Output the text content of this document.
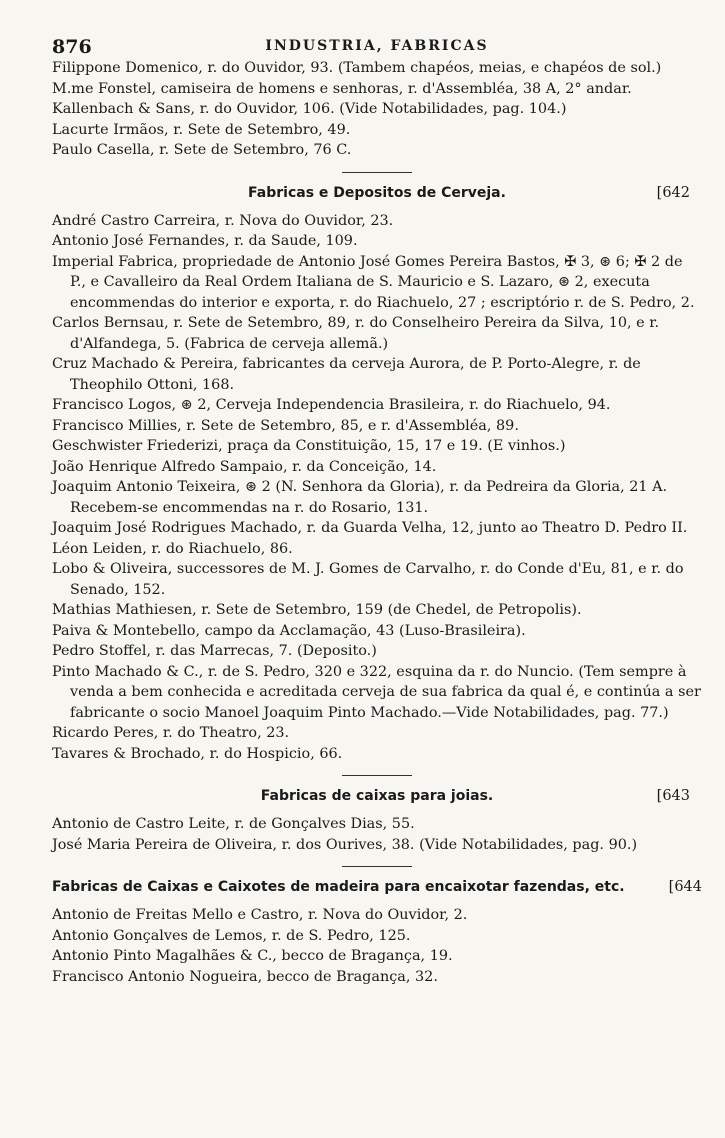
876	INDUSTRIA, FABRICAS
Filippone Domenico, r. do Ouvidor, 93. (Tambem chapéos, meias, e chapéos de sol.)
M.me Fonstel, camiseira de homens e senhoras, r. d'Assembléa, 38 A, 2° andar.
Kallenbach & Sans, r. do Ouvidor, 106. (Vide Notabilidades, pag. 104.)
Lacurte Irmãos, r. Sete de Setembro, 49.
Paulo Casella, r. Sete de Setembro, 76 C.
Fabricas e Depositos de Cerveja.	[642
André Castro Carreira, r. Nova do Ouvidor, 23.
Antonio José Fernandes, r. da Saude, 109.
Imperial Fabrica, propriedade de Antonio José Gomes Pereira Bastos, ✠ 3, ⊛ 6; ✠ 2 de P., e Cavalleiro da Real Ordem Italiana de S. Mauricio e S. Lazaro, ⊛ 2, executa encommendas do interior e exporta, r. do Riachuelo, 27 ; escriptório r. de S. Pedro, 2.
Carlos Bernsau, r. Sete de Setembro, 89, r. do Conselheiro Pereira da Silva, 10, e r. d'Alfandega, 5. (Fabrica de cerveja allemã.)
Cruz Machado & Pereira, fabricantes da cerveja Aurora, de P. Porto-Alegre, r. de Theophilo Ottoni, 168.
Francisco Logos, ⊛ 2, Cerveja Independencia Brasileira, r. do Riachuelo, 94.
Francisco Millies, r. Sete de Setembro, 85, e r. d'Assembléa, 89.
Geschwister Friederizi, praça da Constituição, 15, 17 e 19. (E vinhos.)
João Henrique Alfredo Sampaio, r. da Conceição, 14.
Joaquim Antonio Teixeira, ⊛ 2 (N. Senhora da Gloria), r. da Pedreira da Gloria, 21 A. Recebem-se encommendas na r. do Rosario, 131.
Joaquim José Rodrigues Machado, r. da Guarda Velha, 12, junto ao Theatro D. Pedro II.
Léon Leiden, r. do Riachuelo, 86.
Lobo & Oliveira, successores de M. J. Gomes de Carvalho, r. do Conde d'Eu, 81, e r. do Senado, 152.
Mathias Mathiesen, r. Sete de Setembro, 159 (de Chedel, de Petropolis).
Paiva & Montebello, campo da Acclamação, 43 (Luso-Brasileira).
Pedro Stoffel, r. das Marrecas, 7. (Deposito.)
Pinto Machado & C., r. de S. Pedro, 320 e 322, esquina da r. do Nuncio. (Tem sempre à venda a bem conhecida e acreditada cerveja de sua fabrica da qual é, e continúa a ser fabricante o socio Manoel Joaquim Pinto Machado.—Vide Notabilidades, pag. 77.)
Ricardo Peres, r. do Theatro, 23.
Tavares & Brochado, r. do Hospicio, 66.
Fabricas de caixas para joias.	[643
Antonio de Castro Leite, r. de Gonçalves Dias, 55.
José Maria Pereira de Oliveira, r. dos Ourives, 38. (Vide Notabilidades, pag. 90.)
Fabricas de Caixas e Caixotes de madeira para encaixotar fazendas, etc.	[644
Antonio de Freitas Mello e Castro, r. Nova do Ouvidor, 2.
Antonio Gonçalves de Lemos, r. de S. Pedro, 125.
Antonio Pinto Magalhães & C., becco de Bragança, 19.
Francisco Antonio Nogueira, becco de Bragança, 32.
